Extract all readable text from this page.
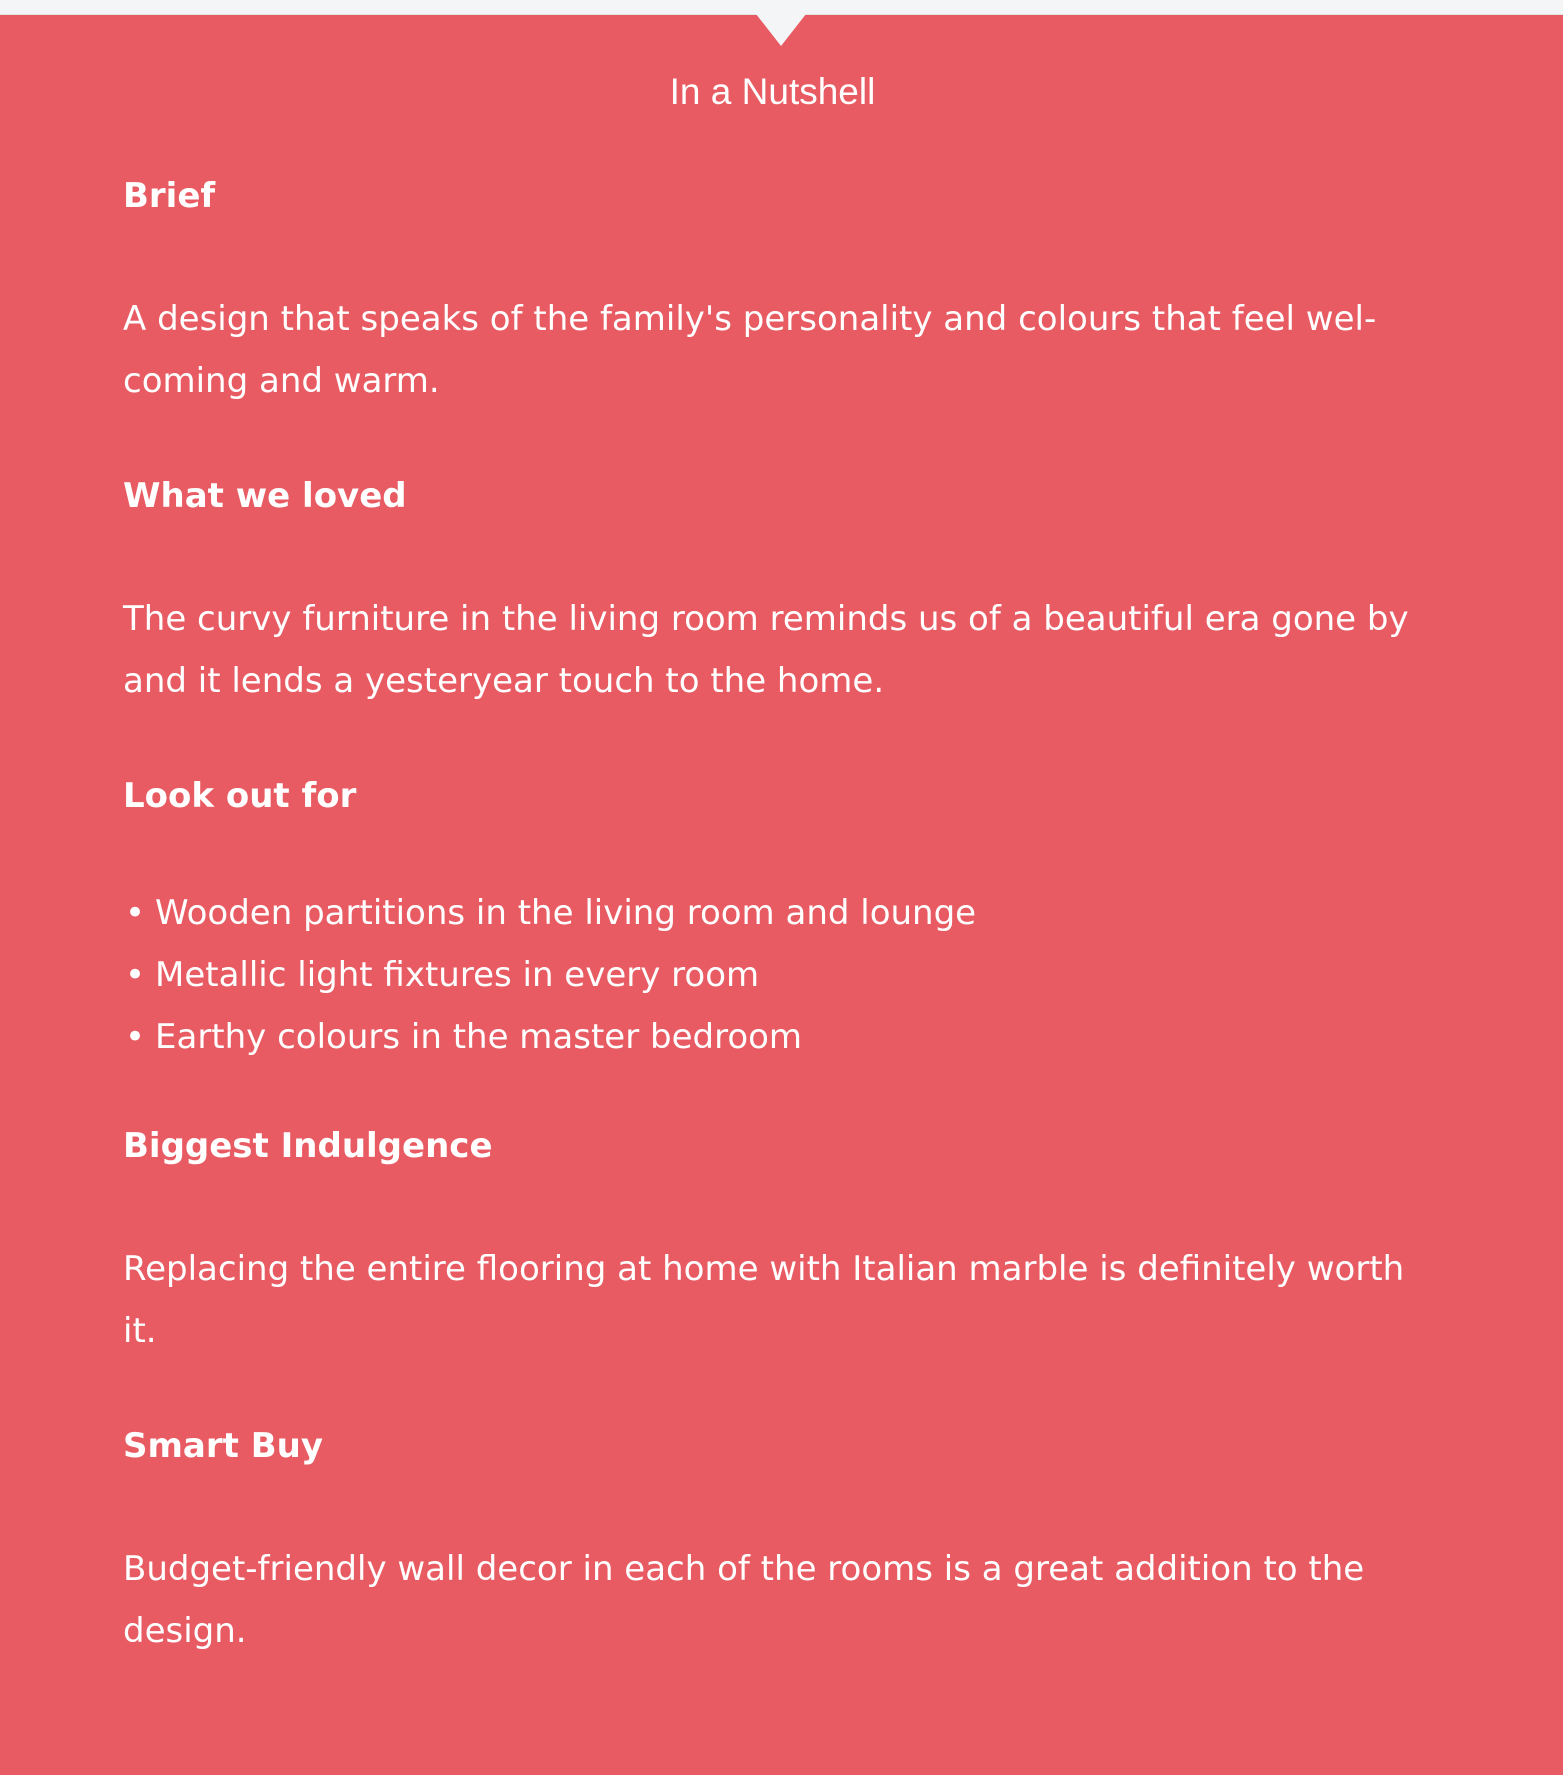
In a Nutshell
Brief

A design that speaks of the family's personality and colours that feel wel-
coming and warm.

What we loved

The curvy furniture in the living room reminds us of a beautiful era gone by
and it lends a yesteryear touch to the home.

Look out for
• Wooden partitions in the living room and lounge
• Metallic light fixtures in every room
• Earthy colours in the master bedroom
Biggest Indulgence

Replacing the entire flooring at home with Italian marble is definitely worth
it.

Smart Buy

Budget-friendly wall decor in each of the rooms is a great addition to the
design.
